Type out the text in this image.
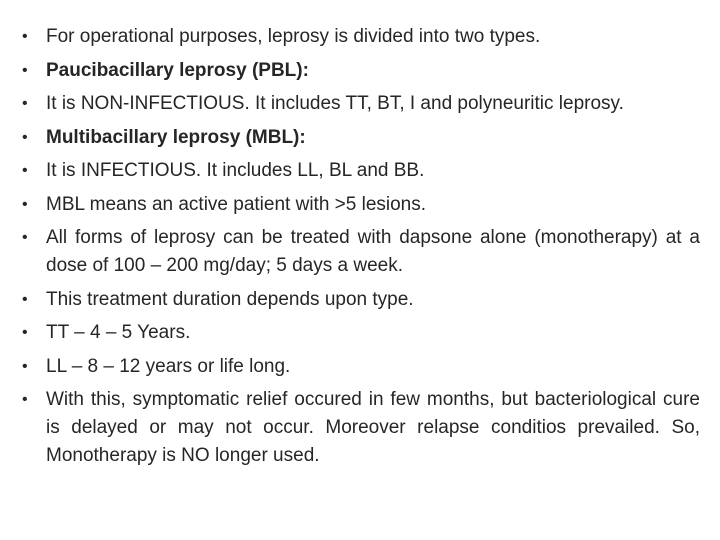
• For operational purposes, leprosy is divided into two types.
• Paucibacillary leprosy (PBL):
• It is NON-INFECTIOUS. It includes TT, BT, I and polyneuritic leprosy.
• Multibacillary leprosy (MBL):
• It is INFECTIOUS. It includes LL, BL and BB.
• MBL means an active patient with >5 lesions.
• All forms of leprosy can be treated with dapsone alone (monotherapy) at a dose of 100 – 200 mg/day; 5 days a week.
• This treatment duration depends upon type.
• TT – 4 – 5 Years.
• LL – 8 – 12 years or life long.
• With this, symptomatic relief occured in few months, but bacteriological cure is delayed or may not occur. Moreover relapse conditios prevailed. So, Monotherapy is NO longer used.
